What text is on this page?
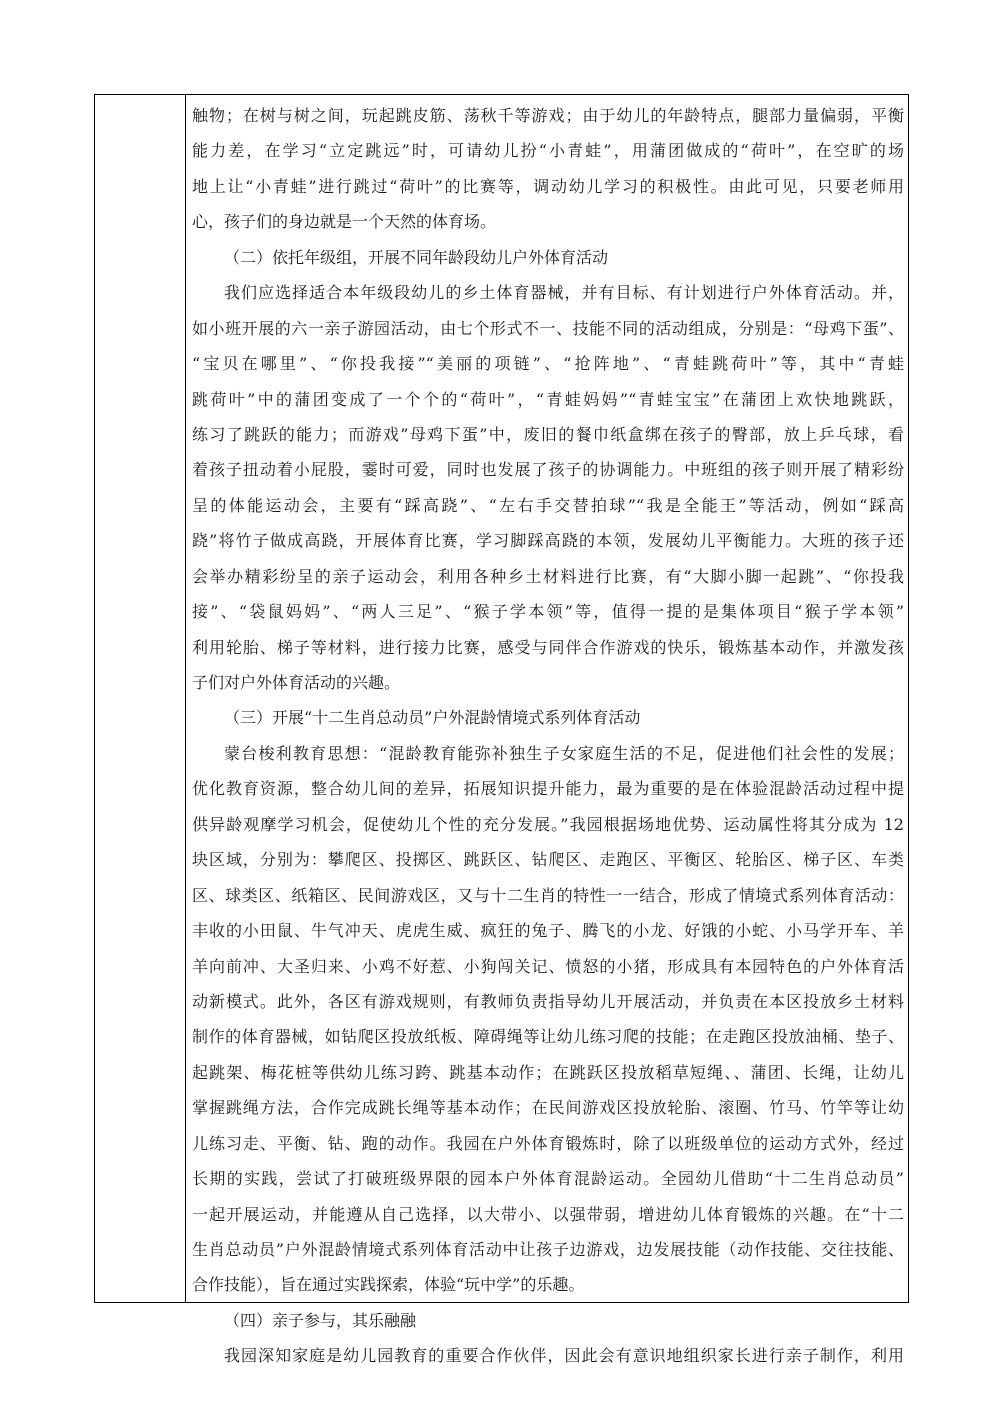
触物；在树与树之间，玩起跳皮筋、荡秋千等游戏；由于幼儿的年龄特点，腿部力量偏弱，平衡
能力差，在学习“立定跳远”时，可请幼儿扮“小青蛙”，用蒲团做成的“荷叶”，在空旷的场
地上让“小青蛙”进行跳过“荷叶”的比赛等，调动幼儿学习的积极性。由此可见，只要老师用
心，孩子们的身边就是一个天然的体育场。
（二）依托年级组，开展不同年龄段幼儿户外体育活动
我们应选择适合本年级段幼儿的乡土体育器械，并有目标、有计划进行户外体育活动。并，
如小班开展的六一亲子游园活动，由七个形式不一、技能不同的活动组成，分别是：“母鸡下蛋”、
“宝贝在哪里”、“你投我接”“美丽的项链”、“抢阵地”、“青蛙跳荷叶”等，其中“青蛙
跳荷叶”中的蒲团变成了一个个的“荷叶”，“青蛙妈妈”“青蛙宝宝”在蒲团上欢快地跳跃，
练习了跳跃的能力；而游戏”母鸡下蛋”中，废旧的餐巾纸盒绑在孩子的臀部，放上乒乓球，看
着孩子扭动着小屁股，霎时可爱，同时也发展了孩子的协调能力。中班组的孩子则开展了精彩纷
呈的体能运动会，主要有“踩高跷”、“左右手交替拍球”“我是全能王”等活动，例如“踩高
跷”将竹子做成高跷，开展体育比赛，学习脚踩高跷的本领，发展幼儿平衡能力。大班的孩子还
会举办精彩纷呈的亲子运动会，利用各种乡土材料进行比赛，有“大脚小脚一起跳”、“你投我
接”、“袋鼠妈妈”、“两人三足”、“猴子学本领”等，值得一提的是集体项目“猴子学本领”
利用轮胎、梯子等材料，进行接力比赛，感受与同伴合作游戏的快乐，锻炼基本动作，并激发孩
子们对户外体育活动的兴趣。
（三）开展“十二生肖总动员”户外混龄情境式系列体育活动
蒙台梭利教育思想：“混龄教育能弥补独生子女家庭生活的不足，促进他们社会性的发展；
优化教育资源，整合幼儿间的差异，拓展知识提升能力，最为重要的是在体验混龄活动过程中提
供异龄观摩学习机会，促使幼儿个性的充分发展。”我园根据场地优势、运动属性将其分成为 12
块区域，分别为：攀爬区、投掷区、跳跃区、钻爬区、走跑区、平衡区、轮胎区、梯子区、车类
区、球类区、纸箱区、民间游戏区，又与十二生肖的特性一一结合，形成了情境式系列体育活动：
丰收的小田鼠、牛气冲天、虎虎生威、疯狂的兔子、腾飞的小龙、好饿的小蛇、小马学开车、羊
羊向前冲、大圣归来、小鸡不好惹、小狗闯关记、愤怒的小猪，形成具有本园特色的户外体育活
动新模式。此外，各区有游戏规则，有教师负责指导幼儿开展活动，并负责在本区投放乡土材料
制作的体育器械，如钻爬区投放纸板、障碍绳等让幼儿练习爬的技能；在走跑区投放油桶、垫子、
起跳架、梅花桩等供幼儿练习跨、跳基本动作；在跳跃区投放稻草短绳、、蒲团、长绳，让幼儿
掌握跳绳方法，合作完成跳长绳等基本动作；在民间游戏区投放轮胎、滚圈、竹马、竹竿等让幼
儿练习走、平衡、钻、跑的动作。我园在户外体育锻炼时，除了以班级单位的运动方式外，经过
长期的实践，尝试了打破班级界限的园本户外体育混龄运动。全园幼儿借助“十二生肖总动员”
一起开展运动，并能遵从自己选择，以大带小、以强带弱，增进幼儿体育锻炼的兴趣。在“十二
生肖总动员”户外混龄情境式系列体育活动中让孩子边游戏，边发展技能（动作技能、交往技能、
合作技能），旨在通过实践探索，体验“玩中学”的乐趣。
（四）亲子参与，其乐融融
我园深知家庭是幼儿园教育的重要合作伙伴，因此会有意识地组织家长进行亲子制作，利用
